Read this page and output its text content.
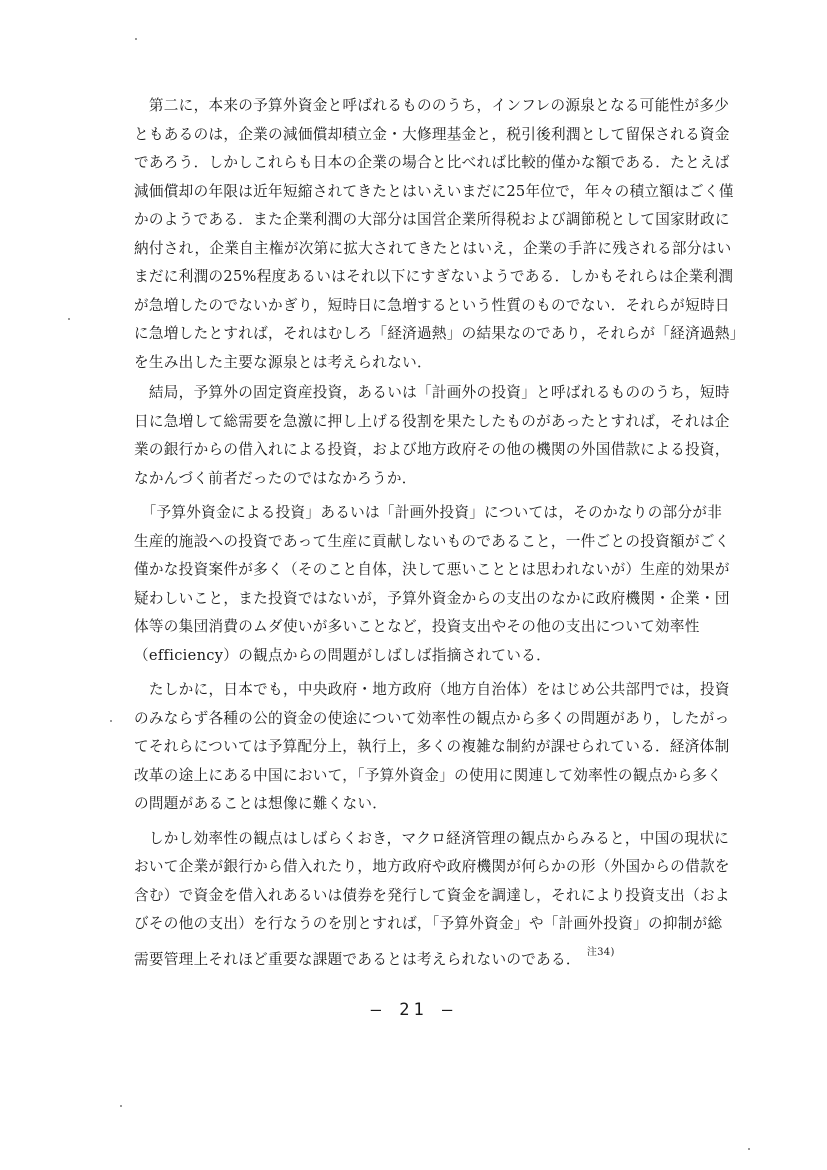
　第二に，本来の予算外資金と呼ばれるもののうち，インフレの源泉となる可能性が多少
ともあるのは，企業の減価償却積立金・大修理基金と，税引後利潤として留保される資金
であろう．しかしこれらも日本の企業の場合と比べれば比較的僅かな額である．たとえば
減価償却の年限は近年短縮されてきたとはいえいまだに25年位で，年々の積立額はごく僅
かのようである．また企業利潤の大部分は国営企業所得税および調節税として国家財政に
納付され，企業自主権が次第に拡大されてきたとはいえ，企業の手許に残される部分はい
まだに利潤の25%程度あるいはそれ以下にすぎないようである．しかもそれらは企業利潤
が急増したのでないかぎり，短時日に急増するという性質のものでない．それらが短時日
に急増したとすれば，それはむしろ「経済過熱」の結果なのであり，それらが「経済過熱」
を生み出した主要な源泉とは考えられない．
　結局，予算外の固定資産投資，あるいは「計画外の投資」と呼ばれるもののうち，短時
日に急増して総需要を急激に押し上げる役割を果たしたものがあったとすれば，それは企
業の銀行からの借入れによる投資，および地方政府その他の機関の外国借款による投資，
なかんづく前者だったのではなかろうか．
　「予算外資金による投資」あるいは「計画外投資」については，そのかなりの部分が非
生産的施設への投資であって生産に貢献しないものであること，一件ごとの投資額がごく
僅かな投資案件が多く（そのこと自体，決して悪いこととは思われないが）生産的効果が
疑わしいこと，また投資ではないが，予算外資金からの支出のなかに政府機関・企業・団
体等の集団消費のムダ使いが多いことなど，投資支出やその他の支出について効率性
（efficiency）の観点からの問題がしばしば指摘されている．
　たしかに，日本でも，中央政府・地方政府（地方自治体）をはじめ公共部門では，投資
のみならず各種の公的資金の使途について効率性の観点から多くの問題があり，したがっ
てそれらについては予算配分上，執行上，多くの複雑な制約が課せられている．経済体制
改革の途上にある中国において，「予算外資金」の使用に関連して効率性の観点から多く
の問題があることは想像に難くない．
　しかし効率性の観点はしばらくおき，マクロ経済管理の観点からみると，中国の現状に
おいて企業が銀行から借入れたり，地方政府や政府機関が何らかの形（外国からの借款を
含む）で資金を借入れあるいは債券を発行して資金を調達し，それにより投資支出（およ
びその他の支出）を行なうのを別とすれば，「予算外資金」や「計画外投資」の抑制が総
需要管理上それほど重要な課題であるとは考えられないのである． $^{注34)}$
— 21 —
